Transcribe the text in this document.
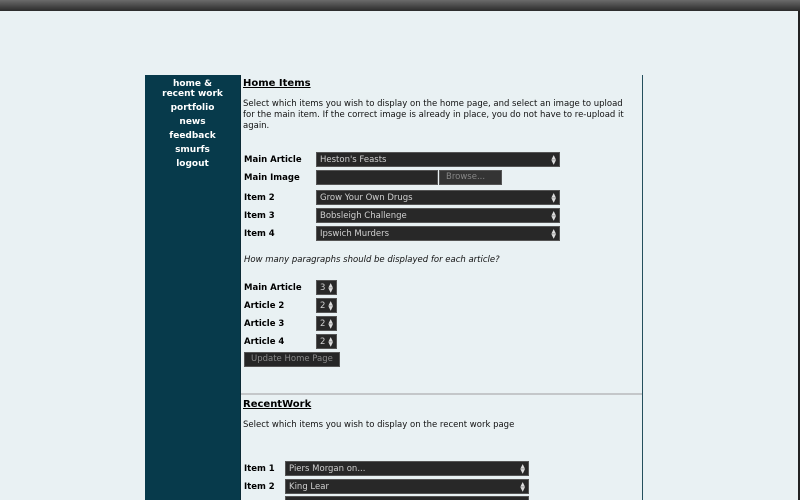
home &
recent work
portfolio
news
feedback
smurfs
logout
Home Items

Select which items you wish to display on the home page, and select an image to upload for the main item. If the correct image is already in place, you do not have to re-upload it again.

Main Article	Heston's Feasts	▲
▼
Main Image	Browse...
Item 2	Grow Your Own Drugs	▲
▼
Item 3	Bobsleigh Challenge	▲
▼
Item 4	Ipswich Murders	▲
▼
How many paragraphs should be displayed for each article?
Main Article	3 ▲
▼
Article 2	2 ▲
▼
Article 3	2 ▲
▼
Article 4	2 ▲
▼
Update Home Page
RecentWork

Select which items you wish to display on the recent work page

Item 1	Piers Morgan on...	▲
▼
Item 2	King Lear	▲
▼
